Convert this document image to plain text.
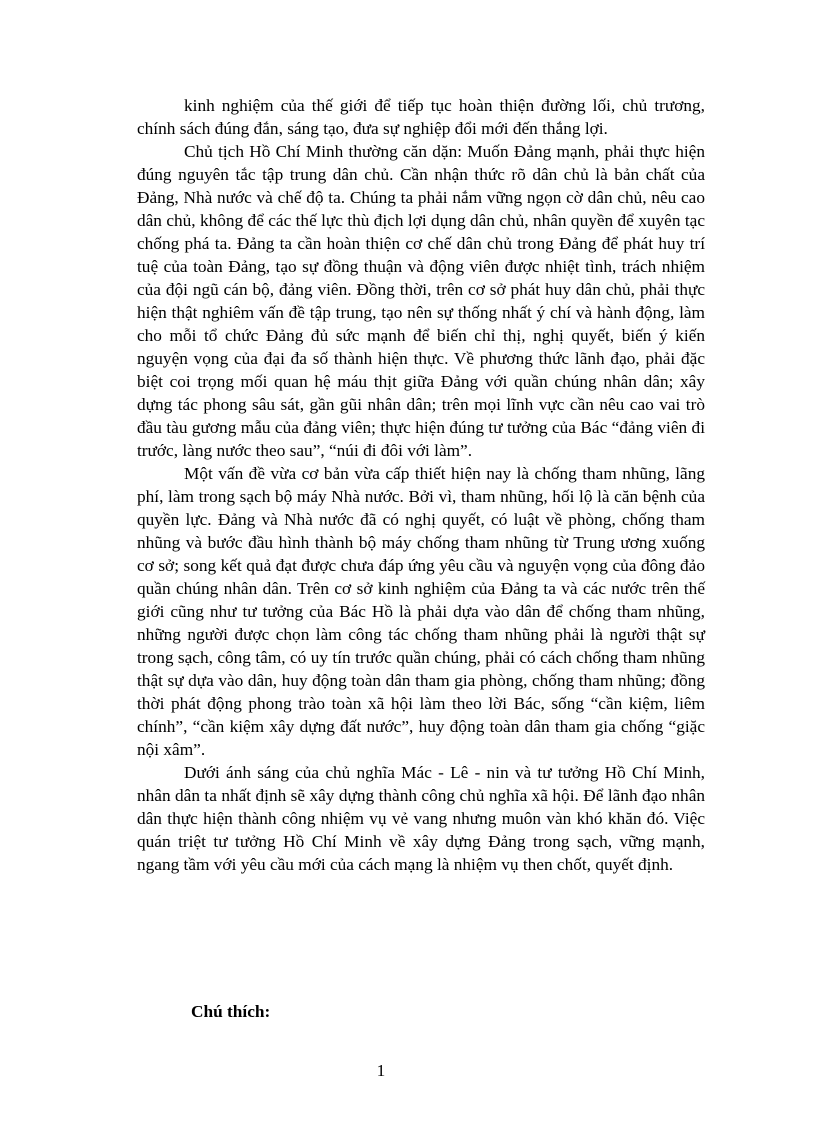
kinh nghiệm của thế giới để tiếp tục hoàn thiện đường lối, chủ trương, chính sách đúng đắn, sáng tạo, đưa sự nghiệp đổi mới đến thắng lợi.

Chủ tịch Hồ Chí Minh thường căn dặn: Muốn Đảng mạnh, phải thực hiện đúng nguyên tắc tập trung dân chủ. Cần nhận thức rõ dân chủ là bản chất của Đảng, Nhà nước và chế độ ta. Chúng ta phải nắm vững ngọn cờ dân chủ, nêu cao dân chủ, không để các thế lực thù địch lợi dụng dân chủ, nhân quyền để xuyên tạc chống phá ta. Đảng ta cần hoàn thiện cơ chế dân chủ trong Đảng để phát huy trí tuệ của toàn Đảng, tạo sự đồng thuận và động viên được nhiệt tình, trách nhiệm của đội ngũ cán bộ, đảng viên. Đồng thời, trên cơ sở phát huy dân chủ, phải thực hiện thật nghiêm vấn đề tập trung, tạo nên sự thống nhất ý chí và hành động, làm cho mỗi tổ chức Đảng đủ sức mạnh để biến chỉ thị, nghị quyết, biến ý kiến nguyện vọng của đại đa số thành hiện thực. Về phương thức lãnh đạo, phải đặc biệt coi trọng mối quan hệ máu thịt giữa Đảng với quần chúng nhân dân; xây dựng tác phong sâu sát, gần gũi nhân dân; trên mọi lĩnh vực cần nêu cao vai trò đầu tàu gương mẫu của đảng viên; thực hiện đúng tư tưởng của Bác “đảng viên đi trước, làng nước theo sau”, “núi đi đôi với làm”.

Một vấn đề vừa cơ bản vừa cấp thiết hiện nay là chống tham nhũng, lãng phí, làm trong sạch bộ máy Nhà nước. Bởi vì, tham nhũng, hối lộ là căn bệnh của quyền lực. Đảng và Nhà nước đã có nghị quyết, có luật về phòng, chống tham nhũng và bước đầu hình thành bộ máy chống tham nhũng từ Trung ương xuống cơ sở; song kết quả đạt được chưa đáp ứng yêu cầu và nguyện vọng của đông đảo quần chúng nhân dân. Trên cơ sở kinh nghiệm của Đảng ta và các nước trên thế giới cũng như tư tưởng của Bác Hồ là phải dựa vào dân để chống tham nhũng, những người được chọn làm công tác chống tham nhũng phải là người thật sự trong sạch, công tâm, có uy tín trước quần chúng, phải có cách chống tham nhũng thật sự dựa vào dân, huy động toàn dân tham gia phòng, chống tham nhũng; đồng thời phát động phong trào toàn xã hội làm theo lời Bác, sống “cần kiệm, liêm chính”, “cần kiệm xây dựng đất nước”, huy động toàn dân tham gia chống “giặc nội xâm”.

Dưới ánh sáng của chủ nghĩa Mác - Lê - nin và tư tưởng Hồ Chí Minh, nhân dân ta nhất định sẽ xây dựng thành công chủ nghĩa xã hội. Để lãnh đạo nhân dân thực hiện thành công nhiệm vụ vẻ vang nhưng muôn vàn khó khăn đó. Việc quán triệt tư tưởng Hồ Chí Minh về xây dựng Đảng trong sạch, vững mạnh, ngang tầm với yêu cầu mới của cách mạng là nhiệm vụ then chốt, quyết định.

Chú thích:

1
